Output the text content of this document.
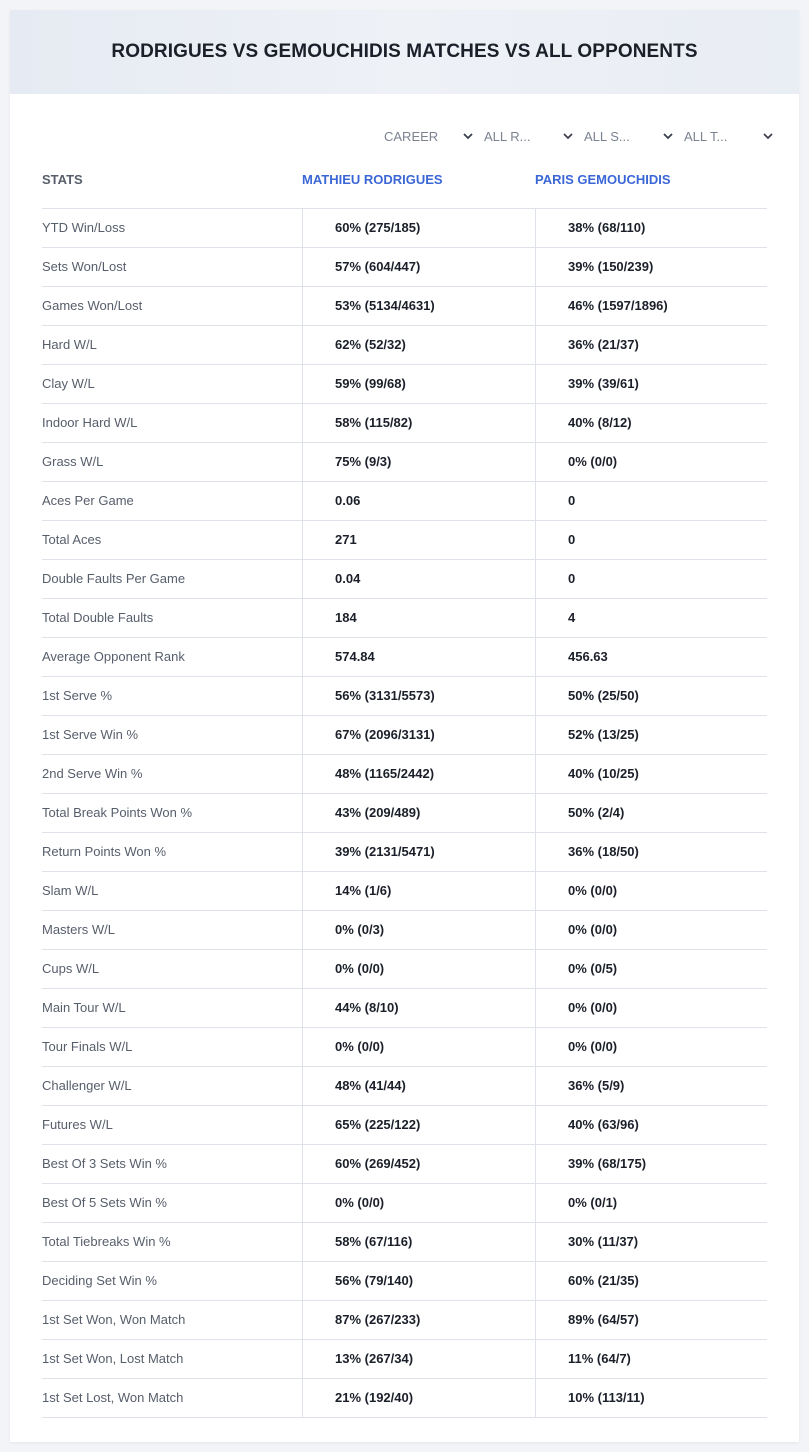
RODRIGUES VS GEMOUCHIDIS MATCHES VS ALL OPPONENTS
CAREER	ALL R...	ALL S...	ALL T...
STATS	MATHIEU RODRIGUES	PARIS GEMOUCHIDIS
YTD Win/Loss	60% (275/185)	38% (68/110)
Sets Won/Lost	57% (604/447)	39% (150/239)
Games Won/Lost	53% (5134/4631)	46% (1597/1896)
Hard W/L	62% (52/32)	36% (21/37)
Clay W/L	59% (99/68)	39% (39/61)
Indoor Hard W/L	58% (115/82)	40% (8/12)
Grass W/L	75% (9/3)	0% (0/0)
Aces Per Game	0.06	0
Total Aces	271	0
Double Faults Per Game	0.04	0
Total Double Faults	184	4
Average Opponent Rank	574.84	456.63
1st Serve %	56% (3131/5573)	50% (25/50)
1st Serve Win %	67% (2096/3131)	52% (13/25)
2nd Serve Win %	48% (1165/2442)	40% (10/25)
Total Break Points Won %	43% (209/489)	50% (2/4)
Return Points Won %	39% (2131/5471)	36% (18/50)
Slam W/L	14% (1/6)	0% (0/0)
Masters W/L	0% (0/3)	0% (0/0)
Cups W/L	0% (0/0)	0% (0/5)
Main Tour W/L	44% (8/10)	0% (0/0)
Tour Finals W/L	0% (0/0)	0% (0/0)
Challenger W/L	48% (41/44)	36% (5/9)
Futures W/L	65% (225/122)	40% (63/96)
Best Of 3 Sets Win %	60% (269/452)	39% (68/175)
Best Of 5 Sets Win %	0% (0/0)	0% (0/1)
Total Tiebreaks Win %	58% (67/116)	30% (11/37)
Deciding Set Win %	56% (79/140)	60% (21/35)
1st Set Won, Won Match	87% (267/233)	89% (64/57)
1st Set Won, Lost Match	13% (267/34)	11% (64/7)
1st Set Lost, Won Match	21% (192/40)	10% (113/11)
